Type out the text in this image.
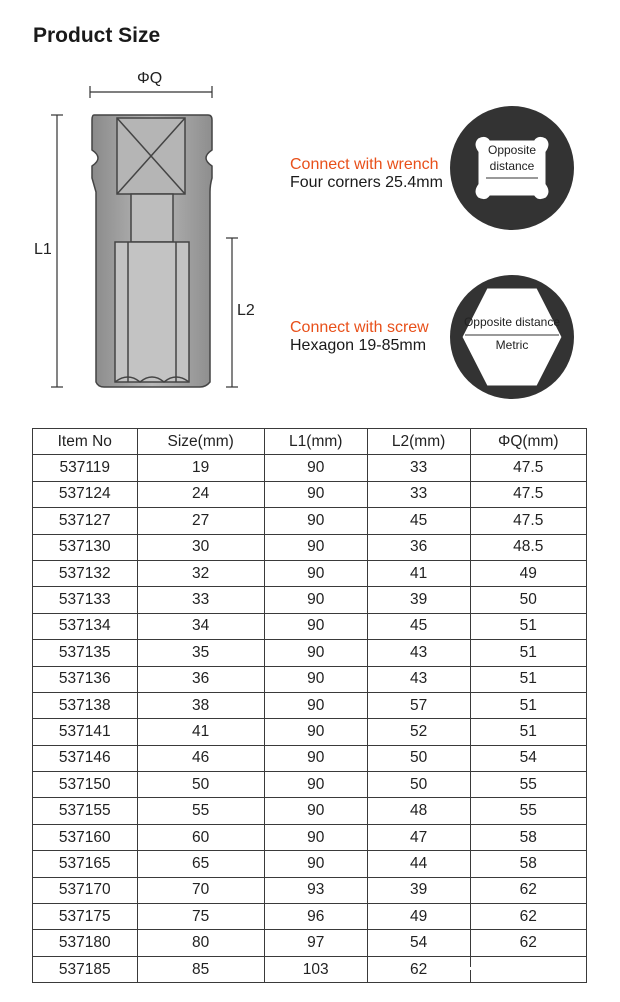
Product Size
Opposite
distance
Opposite distance
Metric
ΦQ
L1
L2
Connect with wrench
Four corners 25.4mm
Connect with screw
Hexagon 19-85mm
Item No	Size(mm)	L1(mm)	L2(mm)	ΦQ(mm)
537119	19	90	33	47.5
537124	24	90	33	47.5
537127	27	90	45	47.5
537130	30	90	36	48.5
537132	32	90	41	49
537133	33	90	39	50
537134	34	90	45	51
537135	35	90	43	51
537136	36	90	43	51
537138	38	90	57	51
537141	41	90	52	51
537146	46	90	50	54
537150	50	90	50	55
537155	55	90	48	55
537160	60	90	47	58
537165	65	90	44	58
537170	70	93	39	62
537175	75	96	49	62
537180	80	97	54	62
537185	85	103	62	
